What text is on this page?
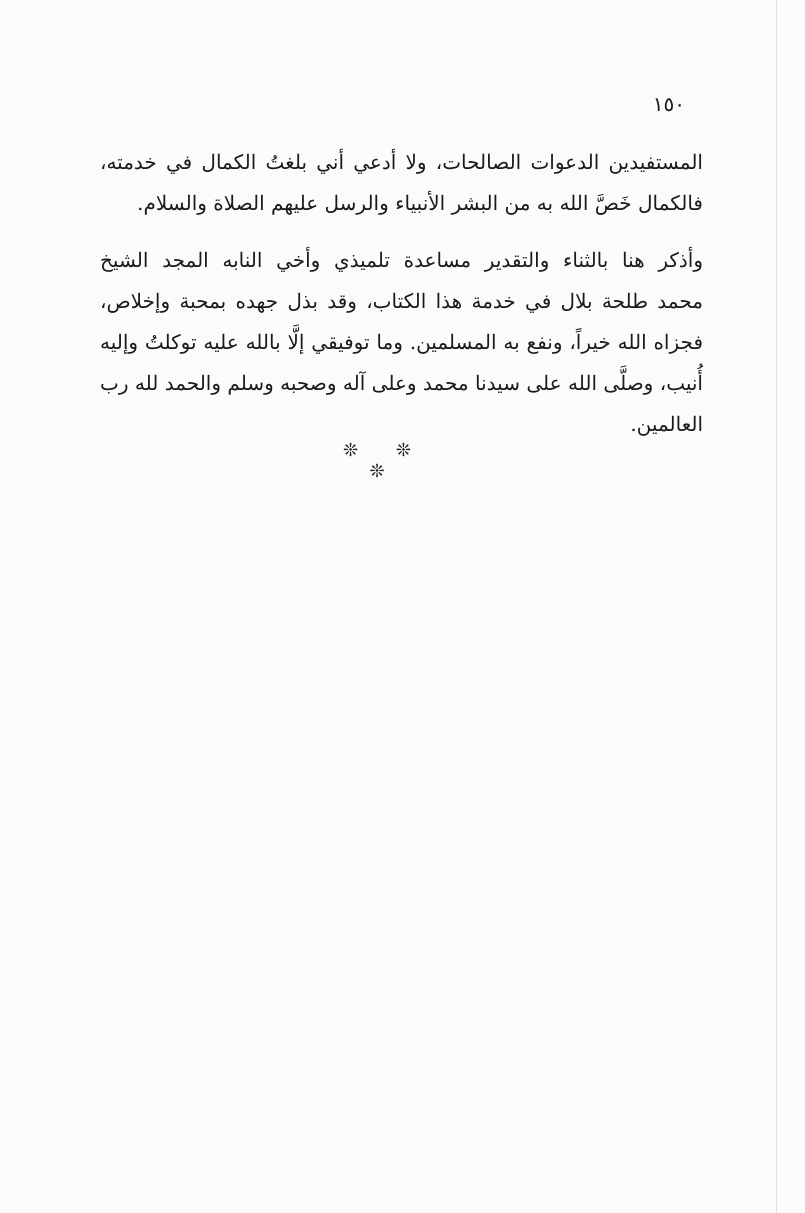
١٥٠
المستفيدين الدعوات الصالحات، ولا أدعي أني بلغتُ الكمال في خدمته،
فالكمال خَصَّ الله به من البشر الأنبياء والرسل عليهم الصلاة والسلام.
وأذكر هنا بالثناء والتقدير مساعدة تلميذي وأخي النابه المجد الشيخ
محمد طلحة بلال في خدمة هذا الكتاب، وقد بذل جهده بمحبة وإخلاص،
فجزاه الله خيراً، ونفع به المسلمين. وما توفيقي إلَّا بالله عليه توكلتُ وإليه
أُنيب، وصلَّى الله على سيدنا محمد وعلى آله وصحبه وسلم والحمد لله رب
العالمين.
❊ ❊ ❊
